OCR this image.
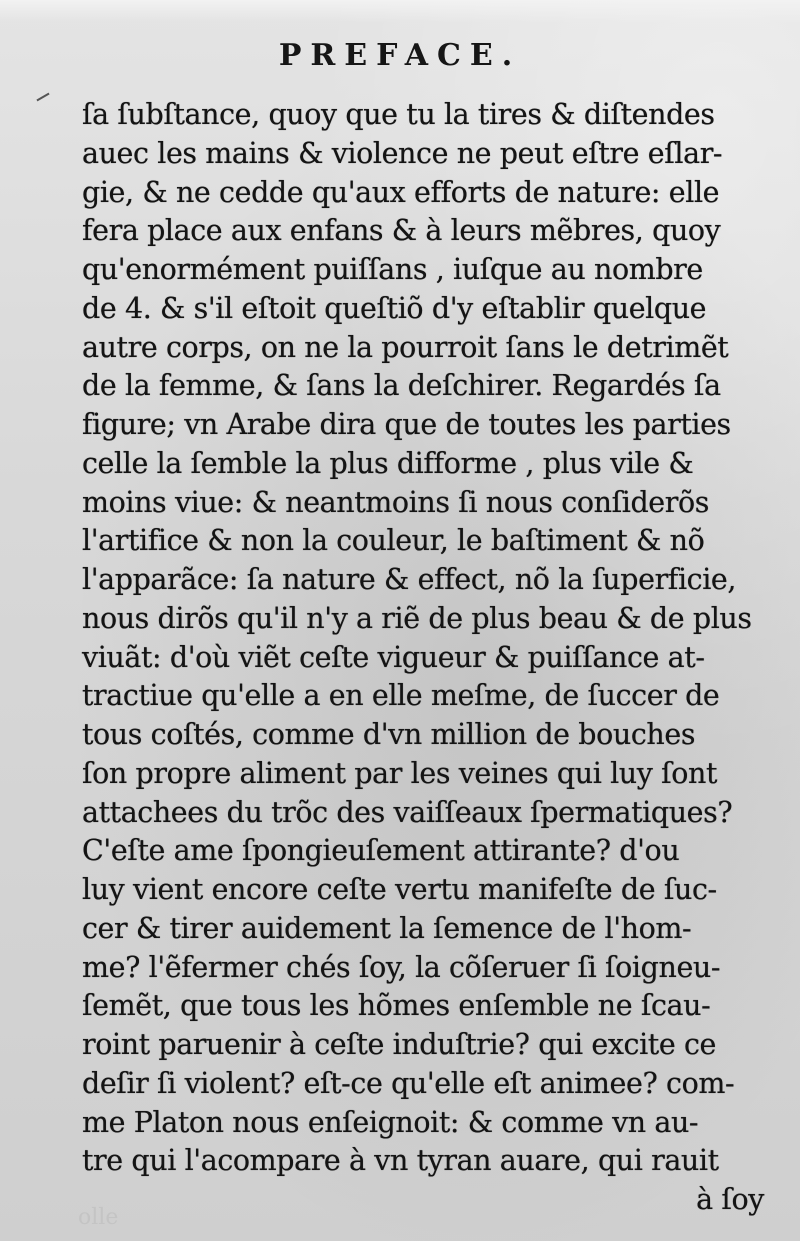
PREFACE.
ſa ſubſtance, quoy que tu la tires & diſtendes
auec les mains & violence ne peut eſtre eſlar-
gie, & ne cedde qu'aux efforts de nature: elle
fera place aux enfans & à leurs mẽbres, quoy
qu'enormément puiſſans , iuſque au nombre
de 4. & s'il eſtoit queſtiõ d'y eſtablir quelque
autre corps, on ne la pourroit ſans le detrimẽt
de la femme, & ſans la deſchirer. Regardés ſa
figure; vn Arabe dira que de toutes les parties
celle la ſemble la plus difforme , plus vile &
moins viue: & neantmoins ſi nous conſiderõs
l'artifice & non la couleur, le baſtiment & nõ
l'apparãce: ſa nature & effect, nõ la ſuperficie,
nous dirõs qu'il n'y a riẽ de plus beau & de plus
viuãt: d'où viẽt ceſte vigueur & puiſſance at-
tractiue qu'elle a en elle meſme, de ſuccer de
tous coſtés, comme d'vn million de bouches
ſon propre aliment par les veines qui luy ſont
attachees du trõc des vaiſſeaux ſpermatiques?
C'eſte ame ſpongieuſement attirante? d'ou
luy vient encore ceſte vertu manifeſte de ſuc-
cer & tirer auidement la ſemence de l'hom-
me? l'ẽfermer chés ſoy, la cõſeruer ſi ſoigneu-
ſemẽt, que tous les hõmes enſemble ne ſcau-
roint paruenir à ceſte induſtrie? qui excite ce
deſir ſi violent? eſt-ce qu'elle eſt animee? com-
me Platon nous enſeignoit: & comme vn au-
tre qui l'acompare à vn tyran auare, qui rauit
à ſoy
olle
